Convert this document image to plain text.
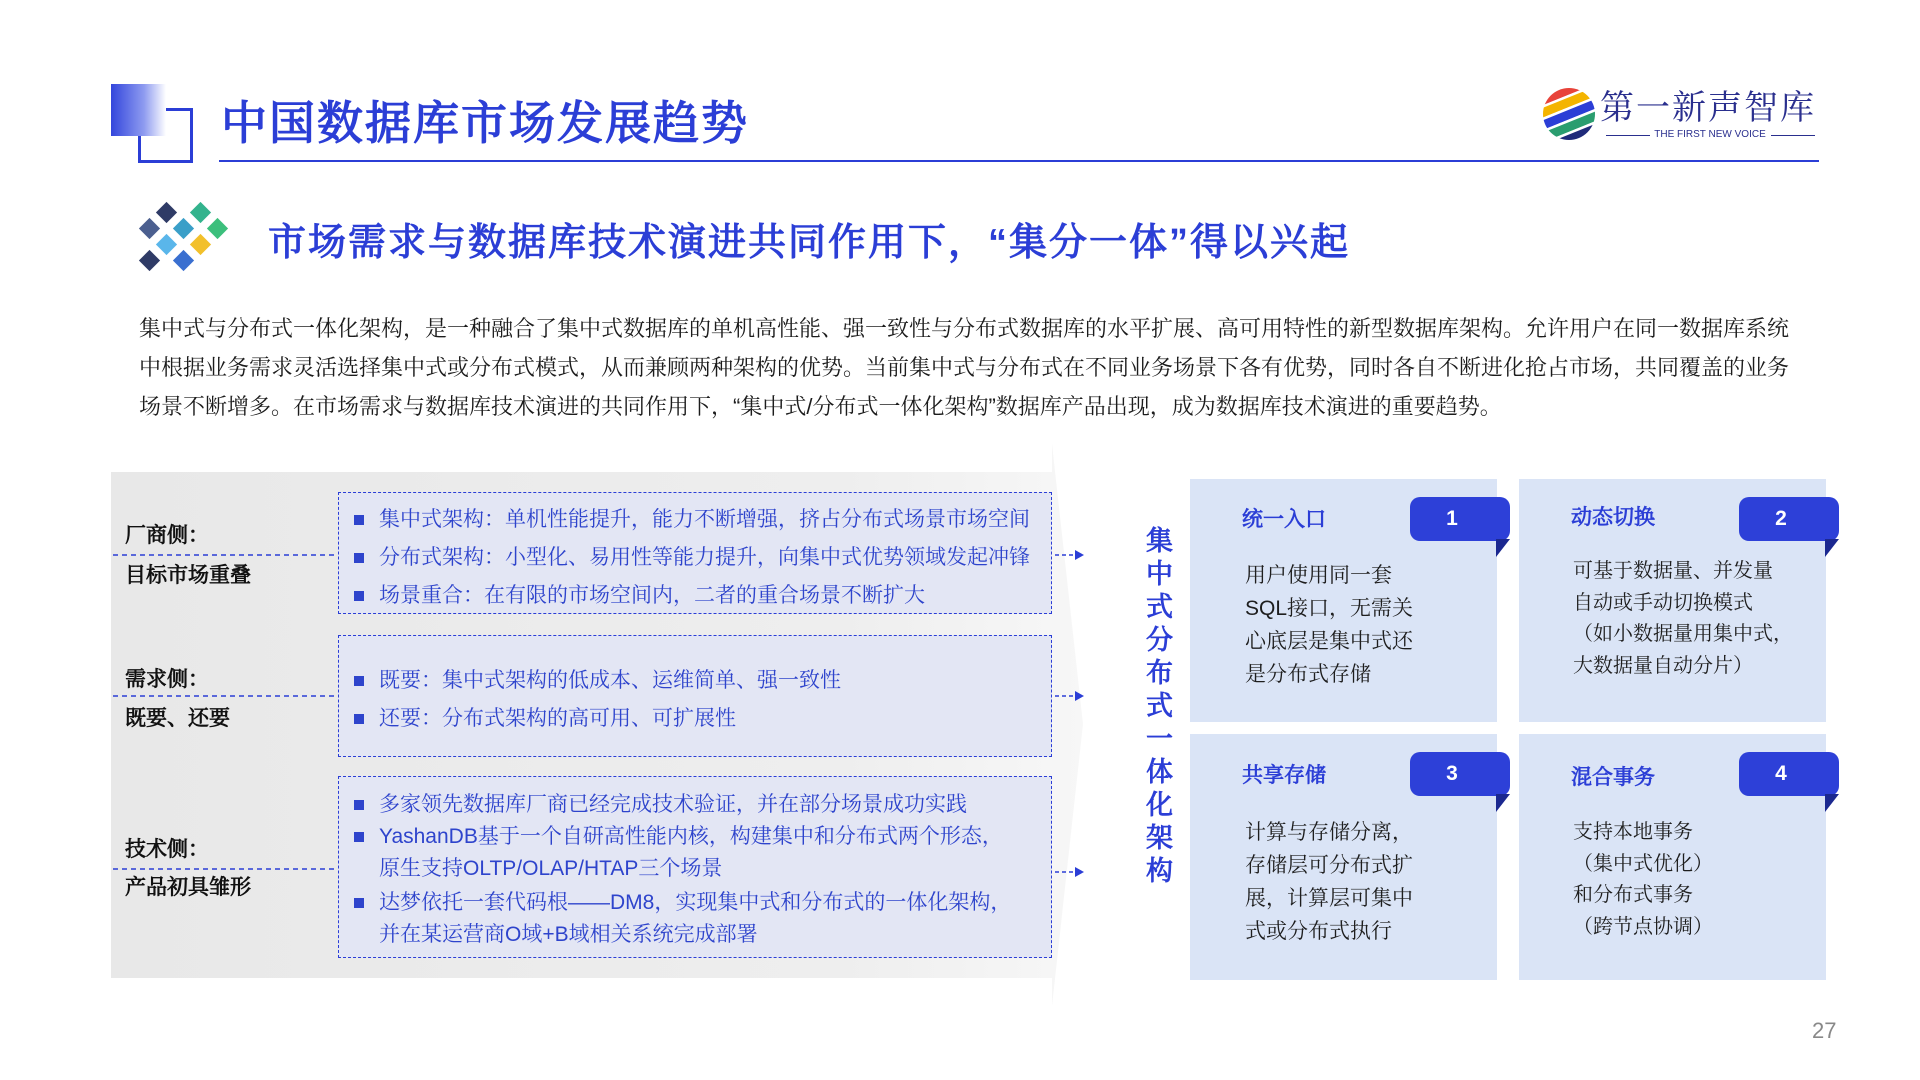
中国数据库市场发展趋势	第一新声智库
THE FIRST NEW VOICE
市场需求与数据库技术演进共同作用下，“集分一体”得以兴起
集中式与分布式一体化架构，是一种融合了集中式数据库的单机高性能、强一致性与分布式数据库的水平扩展、高可用特性的新型数据库架构。允许用户在同一数据库系统
中根据业务需求灵活选择集中式或分布式模式，从而兼顾两种架构的优势。当前集中式与分布式在不同业务场景下各有优势，同时各自不断进化抢占市场，共同覆盖的业务
场景不断增多。在市场需求与数据库技术演进的共同作用下，“集中式/分布式一体化架构”数据库产品出现，成为数据库技术演进的重要趋势。
厂商侧：
目标市场重叠
需求侧：
既要、还要
技术侧：
产品初具雏形
集中式架构：单机性能提升，能力不断增强，挤占分布式场景市场空间
分布式架构：小型化、易用性等能力提升，向集中式优势领域发起冲锋
场景重合：在有限的市场空间内，二者的重合场景不断扩大
既要：集中式架构的低成本、运维简单、强一致性
还要：分布式架构的高可用、可扩展性
多家领先数据库厂商已经完成技术验证，并在部分场景成功实践
YashanDB基于一个自研高性能内核，构建集中和分布式两个形态，
原生支持OLTP/OLAP/HTAP三个场景
达梦依托一套代码根——DM8，实现集中式和分布式的一体化架构，
并在某运营商O域+B域相关系统完成部署
集中式分布式一体化架构
统一入口	1
用户使用同一套
SQL接口，无需关
心底层是集中式还
是分布式存储
动态切换	2
可基于数据量、并发量
自动或手动切换模式
（如小数据量用集中式，
大数据量自动分片）
共享存储	3
计算与存储分离，
存储层可分布式扩
展，计算层可集中
式或分布式执行
混合事务	4
支持本地事务
（集中式优化）
和分布式事务
（跨节点协调）
27
